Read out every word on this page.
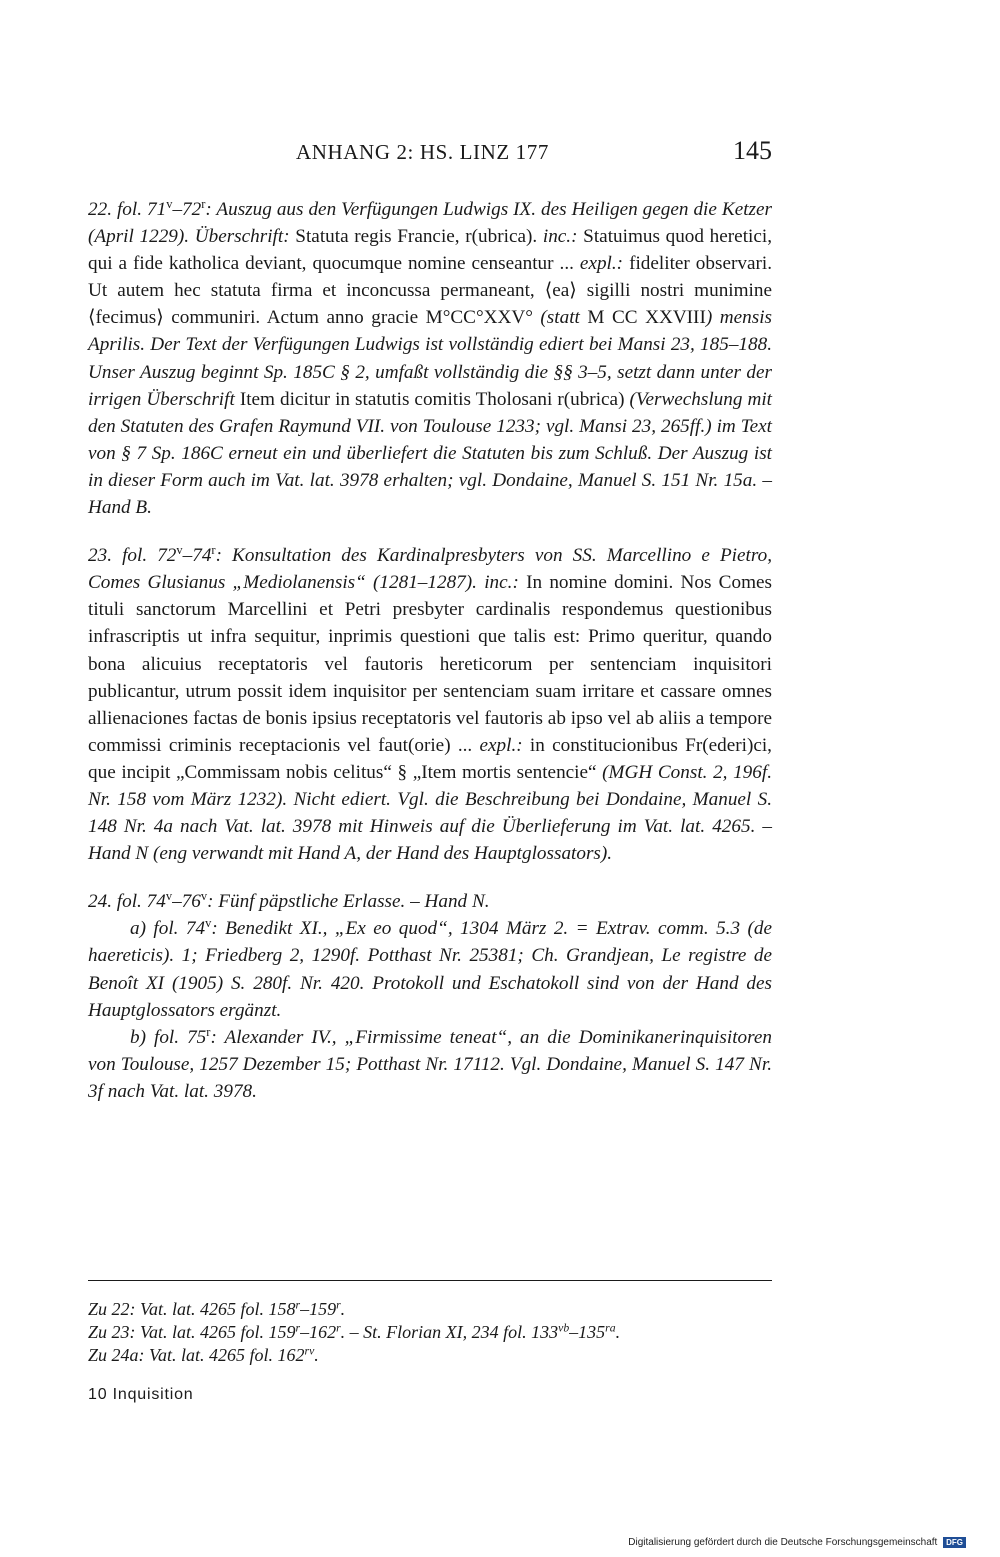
ANHANG 2: HS. LINZ 177	145

22. fol. 71$^v$–72$^r$: Auszug aus den Verfügungen Ludwigs IX. des Heiligen gegen die Ketzer (April 1229). Überschrift: Statuta regis Francie, r(ubrica). inc.: Statuimus quod heretici, qui a fide katholica deviant, quocumque nomine censeantur ... expl.: fideliter observari. Ut autem hec statuta firma et inconcussa permaneant, ⟨ea⟩ sigilli nostri munimine ⟨fecimus⟩ communiri. Actum anno gracie M°CC°XXV° (statt M CC XXVIII) mensis Aprilis. Der Text der Verfügungen Ludwigs ist vollständig ediert bei Mansi 23, 185–188. Unser Auszug beginnt Sp. 185C § 2, umfaßt vollständig die §§ 3–5, setzt dann unter der irrigen Überschrift Item dicitur in statutis comitis Tholosani r(ubrica) (Verwechslung mit den Statuten des Grafen Raymund VII. von Toulouse 1233; vgl. Mansi 23, 265ff.) im Text von § 7 Sp. 186C erneut ein und überliefert die Statuten bis zum Schluß. Der Auszug ist in dieser Form auch im Vat. lat. 3978 erhalten; vgl. Dondaine, Manuel S. 151 Nr. 15a. – Hand B.

23. fol. 72$^v$–74$^r$: Konsultation des Kardinalpresbyters von SS. Marcellino e Pietro, Comes Glusianus „Mediolanensis“ (1281–1287). inc.: In nomine domini. Nos Comes tituli sanctorum Marcellini et Petri presbyter cardinalis respondemus questionibus infrascriptis ut infra sequitur, inprimis questioni que talis est: Primo queritur, quando bona alicuius receptatoris vel fautoris hereticorum per sentenciam inquisitori publicantur, utrum possit idem inquisitor per sentenciam suam irritare et cassare omnes allienaciones factas de bonis ipsius receptatoris vel fautoris ab ipso vel ab aliis a tempore commissi criminis receptacionis vel faut(orie) ... expl.: in constitucionibus Fr(ederi)ci, que incipit „Commissam nobis celitus“ § „Item mortis sentencie“ (MGH Const. 2, 196f. Nr. 158 vom März 1232). Nicht ediert. Vgl. die Beschreibung bei Dondaine, Manuel S. 148 Nr. 4a nach Vat. lat. 3978 mit Hinweis auf die Überlieferung im Vat. lat. 4265. – Hand N (eng verwandt mit Hand A, der Hand des Hauptglossators).

24. fol. 74$^v$–76$^v$: Fünf päpstliche Erlasse. – Hand N.

a) fol. 74$^v$: Benedikt XI., „Ex eo quod“, 1304 März 2. = Extrav. comm. 5.3 (de haereticis). 1; Friedberg 2, 1290f. Potthast Nr. 25381; Ch. Grandjean, Le registre de Benoît XI (1905) S. 280f. Nr. 420. Protokoll und Eschatokoll sind von der Hand des Hauptglossators ergänzt.

b) fol. 75$^r$: Alexander IV., „Firmissime teneat“, an die Dominikanerinquisitoren von Toulouse, 1257 Dezember 15; Potthast Nr. 17112. Vgl. Dondaine, Manuel S. 147 Nr. 3f nach Vat. lat. 3978.

Zu 22: Vat. lat. 4265 fol. 158$^r$–159$^r$.
Zu 23: Vat. lat. 4265 fol. 159$^r$–162$^r$. – St. Florian XI, 234 fol. $133^{vb}-135^{ra}$.
Zu 24a: Vat. lat. 4265 fol. $162^{rv}$.
10 Inquisition
Digitalisierung gefördert durch die Deutsche Forschungsgemeinschaft DFG
